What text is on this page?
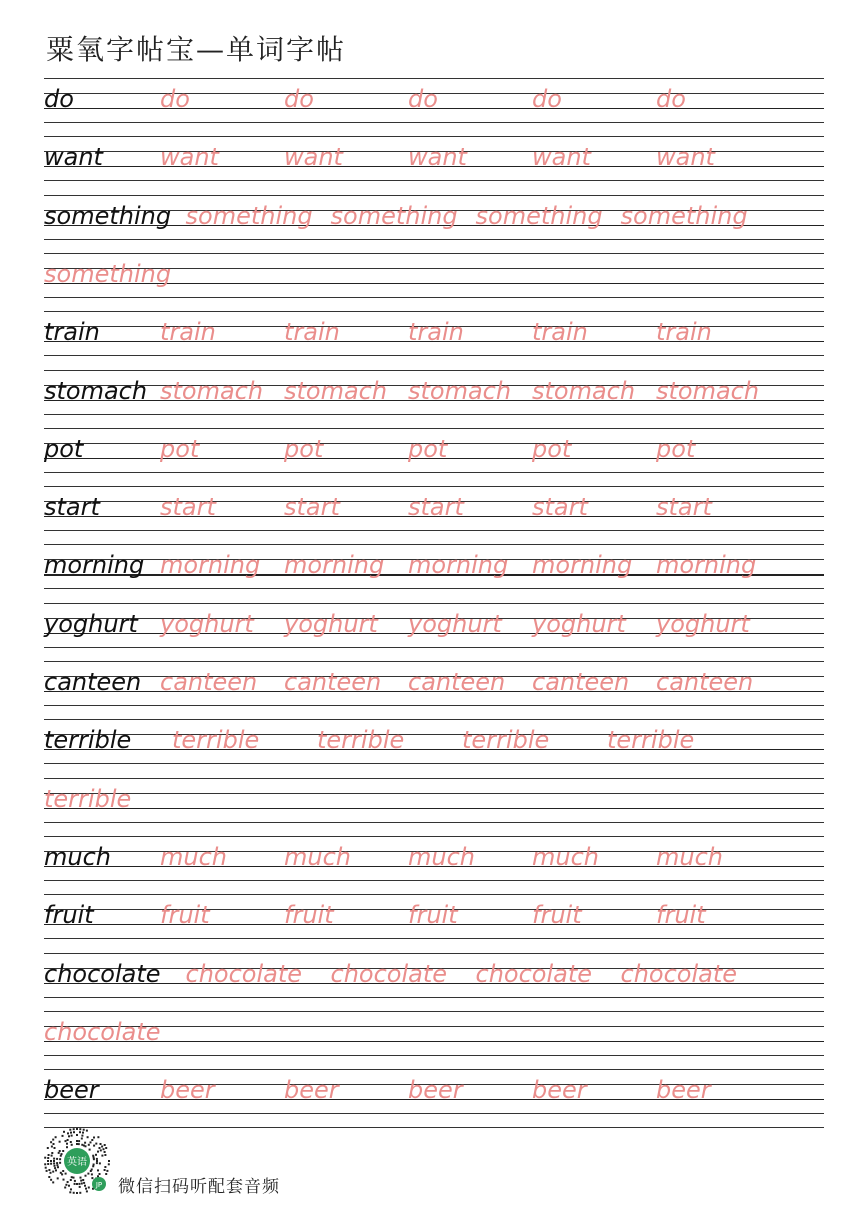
粟氧字帖宝—单词字帖
do	do	do	do	do	do
want want	want	want	want	want
something something something something something
something
train	train	train	train	train	train
stomach stomach stomach stomach stomach stomach
pot	pot	pot	pot	pot	pot
start	start	start	start	start	start
morning morning morning morning morning morning
yoghurt yoghurt yoghurt yoghurt yoghurt yoghurt
canteen canteen canteen canteen canteen canteen
terrible terrible terrible terrible terrible
terrible
much much much much much much
fruit	fruit	fruit	fruit	fruit	fruit
chocolate chocolate chocolate chocolate chocolate
chocolate
beer	beer	beer	beer	beer	beer
英语
JP 微信扫码听配套音频
